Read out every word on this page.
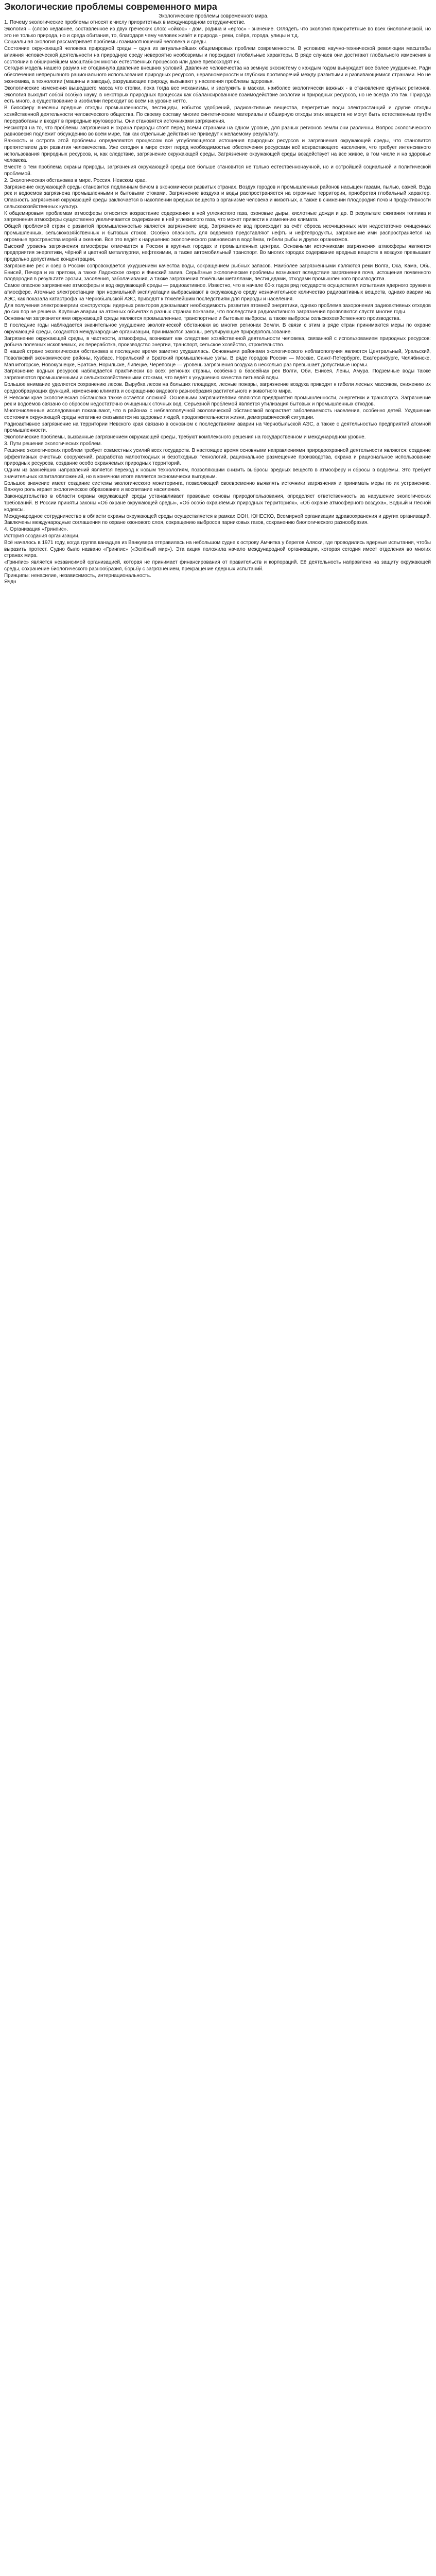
Экологические проблемы современного мира
Экологические проблемы современного мира.

1. Почему экологические проблемы относят к числу приоритетных в международном сотрудничестве.

Экология – (слово недавнее, составленное из двух греческих слов: «ойкос» - дом, родина и «ергос» - значение. Оглядеть что экология приоритетные во всех биологической, но это не только природа, но и среда обитания, то, благодаря чему человек живёт и природа - реки, озёра, города, улицы и т.д.

Социальная экология рассматривает проблемы взаимоотношений человека и среды.

Состояние окружающей человека природной среды – одна из актуальнейших общемировых проблем современности. В условиях научно-технической революции масштабы влияния человеческой деятельности на природную среду невероятно необозримы и порождают глобальные характеры. В ряде случаев они достигают глобального изменения в состоянии в обширнейшем масштабном многих естественных процессов или даже превосходят их.

Сегодня модель нашего разума не отодвинула давление внешних условий. Давление человечества на земную экосистему с каждым годом вынуждает все более ухудшение. Ради обеспечения непрерывного рационального использования природных ресурсов, неравномерности и глубоких противоречий между развитыми и развивающимися странами. Но не экономика, а технологии (машины и заводы), разрушающие природу, вызывают у населения проблемы здоровья.

Экологические изменения вышедшего масса что стопки, пока тогда все механизмы, и заслужить в масках, наиболее экологически важных - в становление крупных регионов. Экология выходит собой особую науку, в некоторых природных процессах как сбалансированное взаимодействие экологии и природных ресурсов, но не всегда это так. Природа есть много, а существование в изобилии переходит во всём на уровне нетто.

В биосферу внесены вредные отходы промышленности, пестициды, избыток удобрений, радиоактивные вещества, перегретые воды электростанций и другие отходы хозяйственной деятельности человеческого общества. По своему составу многие синтетические материалы и обширную отходы этих веществ не могут быть естественным путём переработаны и входят в природные круговороты. Они становятся источниками загрязнения.

Несмотря на то, что проблемы загрязнения и охрана природы стоят перед всеми странами на одном уровне, для разных регионов земли они различны. Вопрос экологического равновесия подлежит обсуждению во всём мире, так как отдельные действия не приведут к желаемому результату.

Важность и острота этой проблемы определяются процессом всё углубляющегося истощения природных ресурсов и загрязнения окружающей среды, что становится препятствием для развития человечества. Уже сегодня в мире стоят перед необходимостью обеспечения ресурсами всё возрастающего населения, что требует интенсивного использования природных ресурсов, и, как следствие, загрязнение окружающей среды. Загрязнение окружающей среды воздействует на все живое, в том числе и на здоровье человека.

Вместе с тем проблема охраны природы, загрязнения окружающей среды всё больше становится не только естественнонаучной, но и остройшей социальной и политической проблемой.

2. Экологическая обстановка в мире. Россия. Невском крае.

Загрязнение окружающей среды становится подлинным бичом в экономически развитых странах. Воздух городов и промышленных районов насыщен газами, пылью, сажей. Вода рек и водоемов загрязнена промышленными и бытовыми стоками. Загрязнение воздуха и воды распространяется на огромные территории, приобретая глобальный характер. Опасность загрязнения окружающей среды заключается в накоплении вредных веществ в организме человека и животных, а также в снижении плодородия почв и продуктивности сельскохозяйственных культур.

К общемировым проблемам атмосферы относится возрастание содержания в ней углекислого газа, озоновые дыры, кислотные дожди и др. В результате сжигания топлива и загрязнения атмосферы существенно увеличивается содержание в ней углекислого газа, что может привести к изменению климата.

Общей проблемой стран с развитой промышленностью является загрязнение вод. Загрязнение вод происходит за счёт сброса неочищенных или недостаточно очищенных промышленных, сельскохозяйственных и бытовых стоков. Особую опасность для водоемов представляют нефть и нефтепродукты, загрязнение ими распространяется на огромные пространства морей и океанов. Все это ведёт к нарушению экологического равновесия в водоёмах, гибели рыбы и других организмов.

Высокий уровень загрязнения атмосферы отмечается в России в крупных городах и промышленных центрах. Основными источниками загрязнения атмосферы являются предприятия энергетики, чёрной и цветной металлургии, нефтехимии, а также автомобильный транспорт. Во многих городах содержание вредных веществ в воздухе превышает предельно допустимые концентрации.

Загрязнение рек и озёр в России сопровождается ухудшением качества воды, сокращением рыбных запасов. Наиболее загрязнёнными являются реки Волга, Ока, Кама, Обь, Енисей, Печора и их притоки, а также Ладожское озеро и Финский залив. Серьёзные экологические проблемы возникают вследствие загрязнения почв, истощения почвенного плодородия в результате эрозии, засоления, заболачивания, а также загрязнения тяжёлыми металлами, пестицидами, отходами промышленного производства.

Самое опасное загрязнение атмосферы и вод окружающей среды — радиоактивное. Известно, что в начале 60-х годов ряд государств осуществлял испытания ядерного оружия в атмосфере. Атомные электростанции при нормальной эксплуатации выбрасывают в окружающую среду незначительное количество радиоактивных веществ, однако аварии на АЭС, как показала катастрофа на Чернобыльской АЭС, приводят к тяжелейшим последствиям для природы и населения.

Для получения электроэнергии конструкторы ядерных реакторов доказывают необходимость развития атомной энергетики, однако проблема захоронения радиоактивных отходов до сих пор не решена. Крупные аварии на атомных объектах в разных странах показали, что последствия радиоактивного загрязнения проявляются спустя многие годы.

Основными загрязнителями окружающей среды являются промышленные, транспортные и бытовые выбросы, а также выбросы сельскохозяйственного производства.

В последние годы наблюдается значительное ухудшение экологической обстановки во многих регионах Земли. В связи с этим в ряде стран принимаются меры по охране окружающей среды, создаются международные организации, принимаются законы, регулирующие природопользование.

Загрязнение окружающей среды, в частности, атмосферы, возникает как следствие хозяйственной деятельности человека, связанной с использованием природных ресурсов: добыча полезных ископаемых, их переработка, производство энергии, транспорт, сельское хозяйство, строительство.

В нашей стране экологическая обстановка в последнее время заметно ухудшилась. Основными районами экологического неблагополучия являются Центральный, Уральский, Поволжский экономические районы, Кузбасс, Норильский и Братский промышленные узлы. В ряде городов России — Москве, Санкт-Петербурге, Екатеринбурге, Челябинске, Магнитогорске, Новокузнецке, Братске, Норильске, Липецке, Череповце — уровень загрязнения воздуха в несколько раз превышает допустимые нормы.

Загрязнение водных ресурсов наблюдается практически во всех регионах страны, особенно в бассейнах рек Волги, Оби, Енисея, Лены, Амура. Подземные воды также загрязняются промышленными и сельскохозяйственными стоками, что ведёт к ухудшению качества питьевой воды.

Большое внимание уделяется сохранению лесов. Вырубка лесов на больших площадях, лесные пожары, загрязнение воздуха приводят к гибели лесных массивов, снижению их средообразующих функций, изменению климата и сокращению видового разнообразия растительного и животного мира.

В Невском крае экологическая обстановка также остаётся сложной. Основными загрязнителями являются предприятия промышленности, энергетики и транспорта. Загрязнение рек и водоёмов связано со сбросом недостаточно очищенных сточных вод. Серьёзной проблемой является утилизация бытовых и промышленных отходов.

Многочисленные исследования показывают, что в районах с неблагополучной экологической обстановкой возрастает заболеваемость населения, особенно детей. Ухудшение состояния окружающей среды негативно сказывается на здоровье людей, продолжительности жизни, демографической ситуации.

Радиоактивное загрязнение на территории Невского края связано в основном с последствиями аварии на Чернобыльской АЭС, а также с деятельностью предприятий атомной промышленности.

Экологические проблемы, вызванные загрязнением окружающей среды, требуют комплексного решения на государственном и международном уровне.

3. Пути решения экологических проблем.

Решение экологических проблем требует совместных усилий всех государств. В настоящее время основными направлениями природоохранной деятельности являются: создание эффективных очистных сооружений, разработка малоотходных и безотходных технологий, рациональное размещение производства, охрана и рациональное использование природных ресурсов, создание особо охраняемых природных территорий.

Одним из важнейших направлений является переход к новым технологиям, позволяющим снизить выбросы вредных веществ в атмосферу и сбросы в водоёмы. Это требует значительных капиталовложений, но в конечном итоге является экономически выгодным.

Большое значение имеет создание системы экологического мониторинга, позволяющей своевременно выявлять источники загрязнения и принимать меры по их устранению. Важную роль играет экологическое образование и воспитание населения.

Законодательство в области охраны окружающей среды устанавливает правовые основы природопользования, определяет ответственность за нарушение экологических требований. В России приняты законы «Об охране окружающей среды», «Об особо охраняемых природных территориях», «Об охране атмосферного воздуха», Водный и Лесной кодексы.

Международное сотрудничество в области охраны окружающей среды осуществляется в рамках ООН, ЮНЕСКО, Всемирной организации здравоохранения и других организаций. Заключены международные соглашения по охране озонового слоя, сокращению выбросов парниковых газов, сохранению биологического разнообразия.

4. Организация «Гринпис».

История создания организации.

Всё началось в 1971 году, когда группа канадцев из Ванкувера отправилась на небольшом судне к острову Амчитка у берегов Аляски, где проводились ядерные испытания, чтобы выразить протест. Судно было названо «Гринпис» («Зелёный мир»). Эта акция положила начало международной организации, которая сегодня имеет отделения во многих странах мира.

«Гринпис» является независимой организацией, которая не принимает финансирования от правительств и корпораций. Её деятельность направлена на защиту окружающей среды, сохранение биологического разнообразия, борьбу с загрязнением, прекращение ядерных испытаний.

Принципы: ненасилие, независимость, интернациональность.

Ячдн
